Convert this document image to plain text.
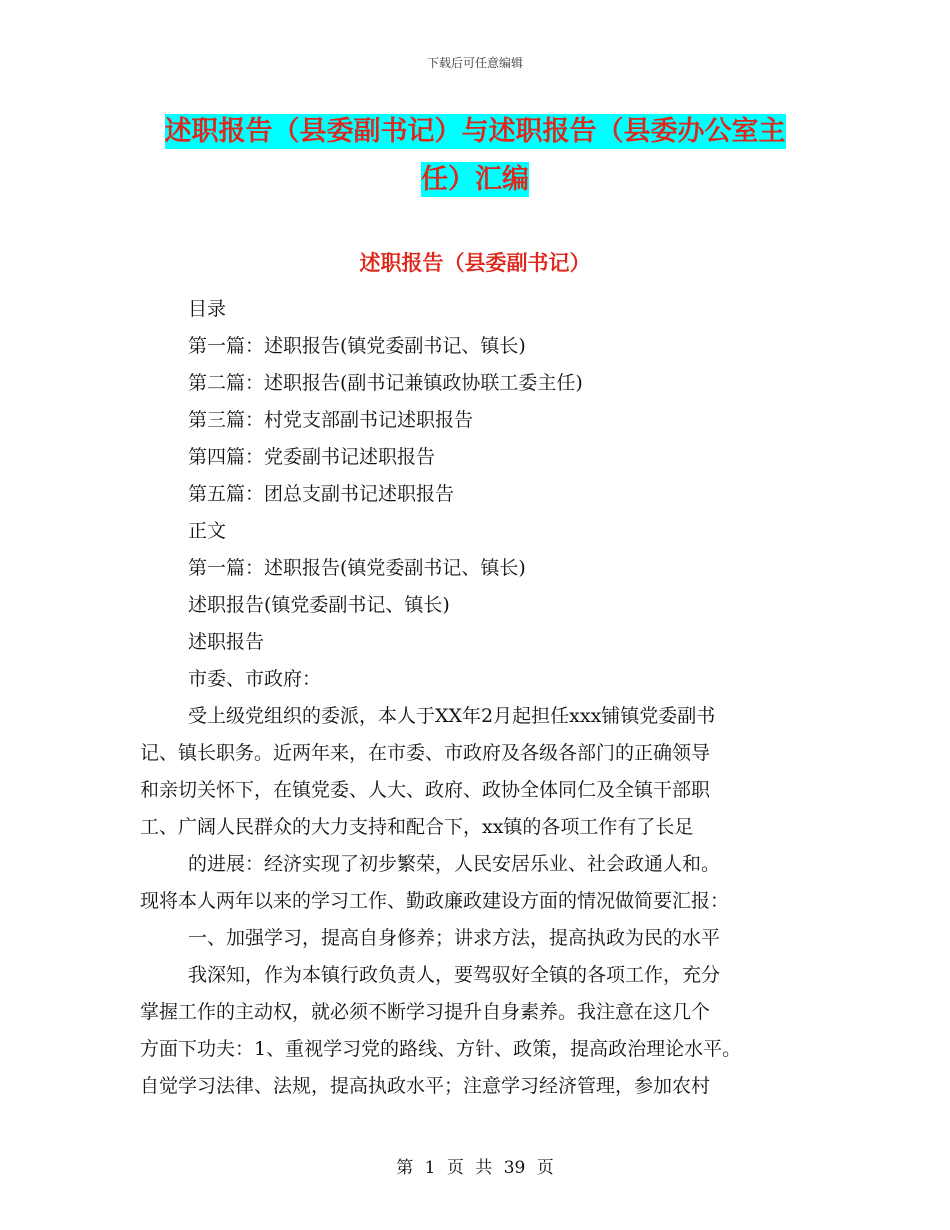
下载后可任意编辑
述职报告（县委副书记）与述职报告（县委办公室主
任）汇编
述职报告（县委副书记）
目录
第一篇：述职报告(镇党委副书记、镇长)
第二篇：述职报告(副书记兼镇政协联工委主任)
第三篇：村党支部副书记述职报告
第四篇：党委副书记述职报告
第五篇：团总支副书记述职报告
正文
第一篇：述职报告(镇党委副书记、镇长)
述职报告(镇党委副书记、镇长)
述职报告
市委、市政府：
受上级党组织的委派，本人于XX年2月起担任xxx铺镇党委副书
记、镇长职务。近两年来，在市委、市政府及各级各部门的正确领导
和亲切关怀下，在镇党委、人大、政府、政协全体同仁及全镇干部职
工、广阔人民群众的大力支持和配合下，xx镇的各项工作有了长足
的进展：经济实现了初步繁荣，人民安居乐业、社会政通人和。
现将本人两年以来的学习工作、勤政廉政建设方面的情况做简要汇报：
一、加强学习，提高自身修养；讲求方法，提高执政为民的水平
我深知，作为本镇行政负责人，要驾驭好全镇的各项工作，充分
掌握工作的主动权，就必须不断学习提升自身素养。我注意在这几个
方面下功夫：1、重视学习党的路线、方针、政策，提高政治理论水平。
自觉学习法律、法规，提高执政水平；注意学习经济管理，参加农村
第 1 页 共 39 页
